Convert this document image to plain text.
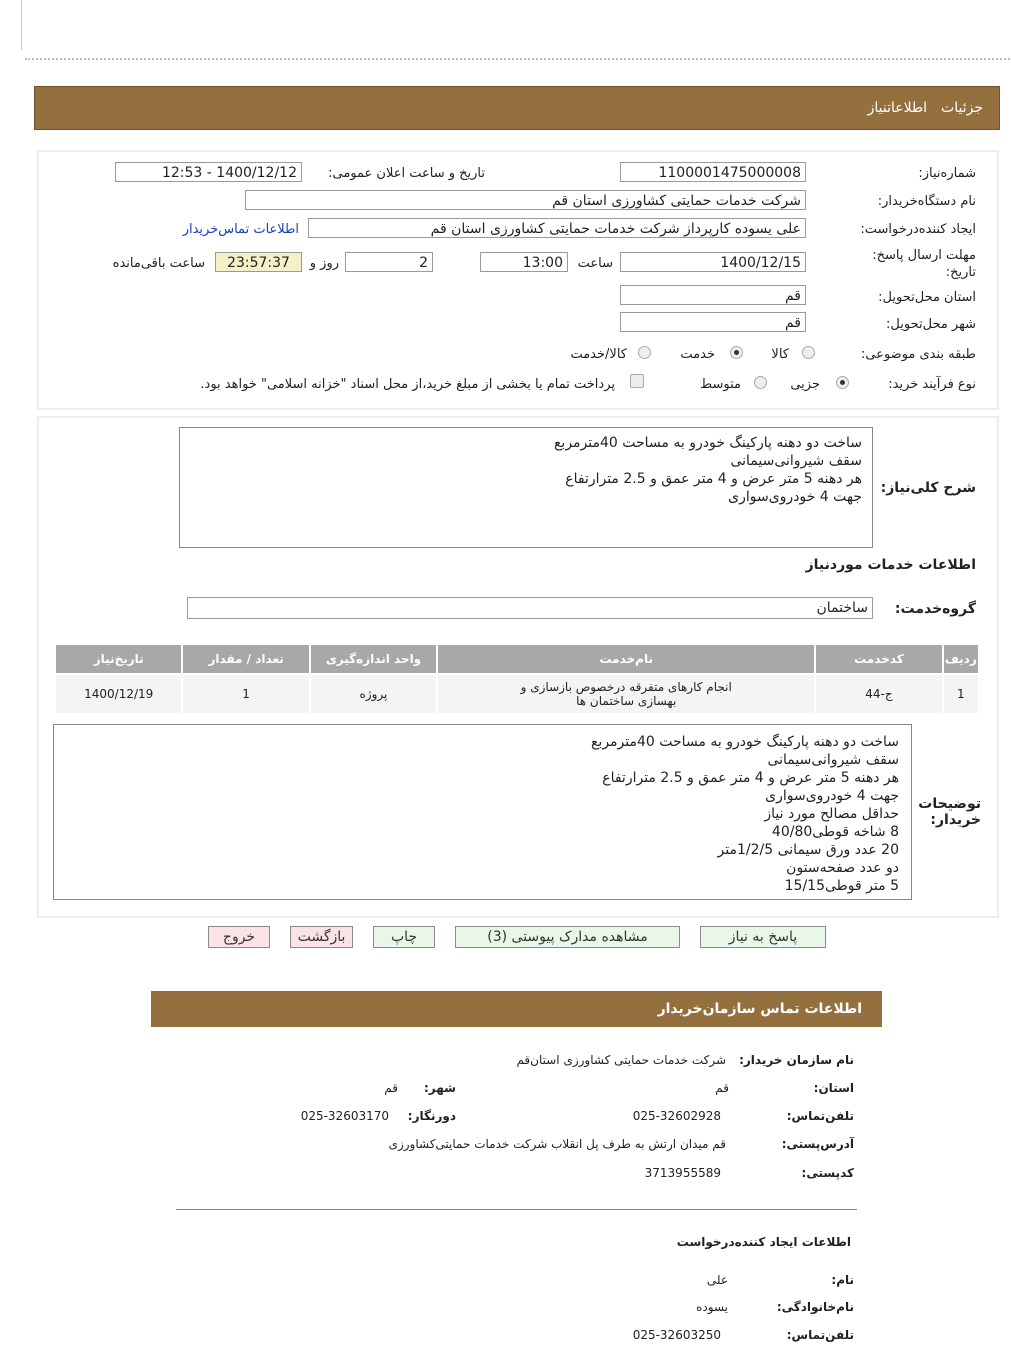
جزئیات
اطلاعاتنیاز
شماره‌نیاز:
1100001475000008
تاریخ و ساعت اعلان عمومی:
1400/12/12 - 12:53
نام دستگاه‌خریدار:
شرکت خدمات حمایتی کشاورزی استان قم
ایجاد کننده‌درخواست:
علی یسوده کارپرداز شرکت خدمات حمایتی کشاورزی استان قم
اطلاعات تماس‌خریدار
مهلت ارسال پاسخ:
تاریخ:
1400/12/15
ساعت
13:00
2
روز و
23:57:37
ساعت باقی‌مانده
استان محل‌تحویل:
قم
شهر محل‌تحویل:
قم
طبقه بندی موضوعی:
کالا
خدمت
کالا/خدمت
نوع فرآیند خرید:
جزیی
متوسط
پرداخت تمام یا بخشی از مبلغ خرید،از محل اسناد "خزانه اسلامی" خواهد بود.
شرح کلی‌نیاز:
ساخت دو دهنه پارکینگ خودرو به مساحت 40مترمربع
سقف شیروانی‌سیمانی
هر دهنه 5 متر عرض و 4 متر عمق و 2.5 مترارتفاع
جهت 4 خودروی‌سواری
اطلاعات خدمات موردنیاز
گروه‌خدمت:
ساختمان
ردیف	کدخدمت	نام‌خدمت	واحد اندازه‌گیری	تعداد / مقدار	تاریخ‌نیاز
1	ج-44	انجام کارهای متفرقه درخصوص بازسازی و بهسازی ساختمان ها	پروژه	1	1400/12/19
توضیحات خریدار:
ساخت دو دهنه پارکینگ خودرو به مساحت 40مترمربع
سقف شیروانی‌سیمانی
هر دهنه 5 متر عرض و 4 متر عمق و 2.5 مترارتفاع
جهت 4 خودروی‌سواری
حداقل مصالح مورد نیاز
8 شاخه قوطی40/80
20 عدد ورق سیمانی 1/2/5متر
دو عدد صفحه‌ستون
5 متر قوطی15/15
پاسخ به نیاز
مشاهده مدارک پیوستی (3)
چاپ
بازگشت
خروج
اطلاعات تماس سازمان‌خریدار
نام سازمان خریدار:
شرکت خدمات حمایتی کشاورزی استان‌قم
استان:
قم
شهر:
قم
تلفن‌تماس:
025-32602928
دورنگار:
025-32603170
آدرس‌پستی:
قم میدان ارتش به طرف پل انقلاب شرکت خدمات حمایتی‌کشاورزی
کدپستی:
3713955589
اطلاعات ایجاد کننده‌درخواست
نام:
علی
نام‌خانوادگی:
یسوده
تلفن‌تماس:
025-32603250
